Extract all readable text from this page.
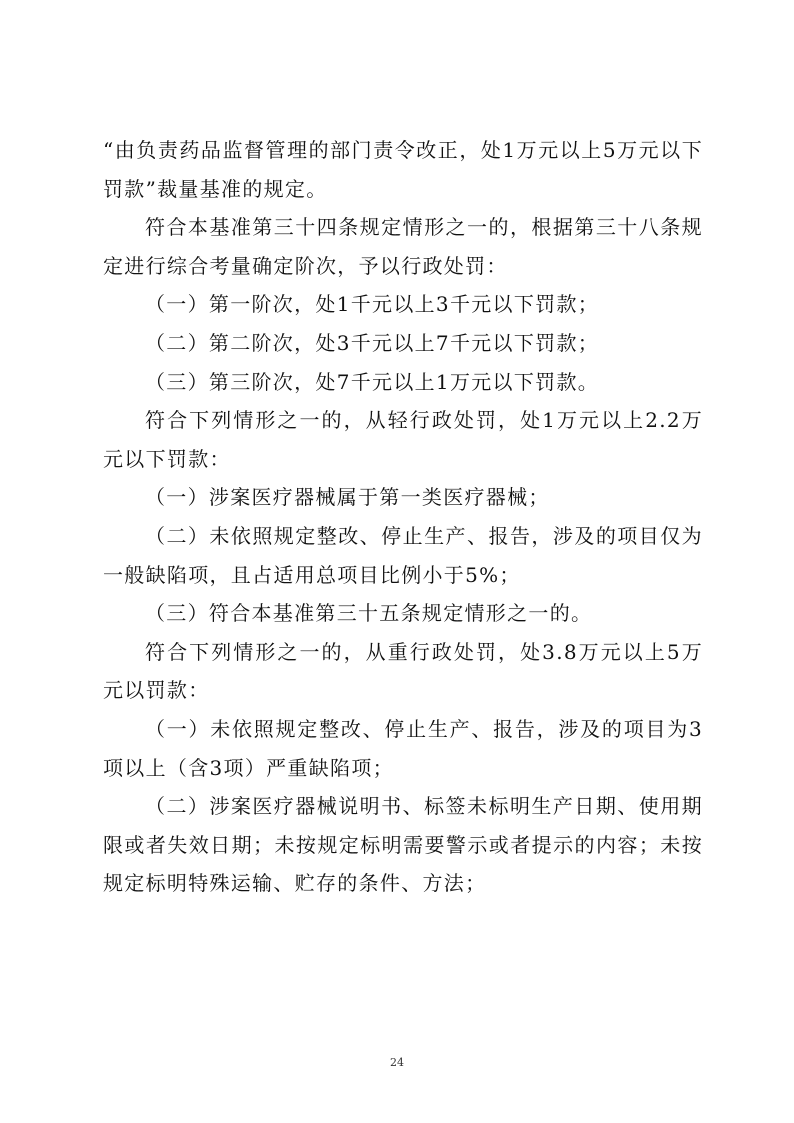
“由负责药品监督管理的部门责令改正，处1万元以上5万元以下罚款”裁量基准的规定。

符合本基准第三十四条规定情形之一的，根据第三十八条规定进行综合考量确定阶次，予以行政处罚：

（一）第一阶次，处1千元以上3千元以下罚款；

（二）第二阶次，处3千元以上7千元以下罚款；

（三）第三阶次，处7千元以上1万元以下罚款。

符合下列情形之一的，从轻行政处罚，处1万元以上2.2万元以下罚款：

（一）涉案医疗器械属于第一类医疗器械；

（二）未依照规定整改、停止生产、报告，涉及的项目仅为一般缺陷项，且占适用总项目比例小于5%；

（三）符合本基准第三十五条规定情形之一的。

符合下列情形之一的，从重行政处罚，处3.8万元以上5万元以罚款：

（一）未依照规定整改、停止生产、报告，涉及的项目为3项以上（含3项）严重缺陷项；

（二）涉案医疗器械说明书、标签未标明生产日期、使用期限或者失效日期；未按规定标明需要警示或者提示的内容；未按规定标明特殊运输、贮存的条件、方法；

24
